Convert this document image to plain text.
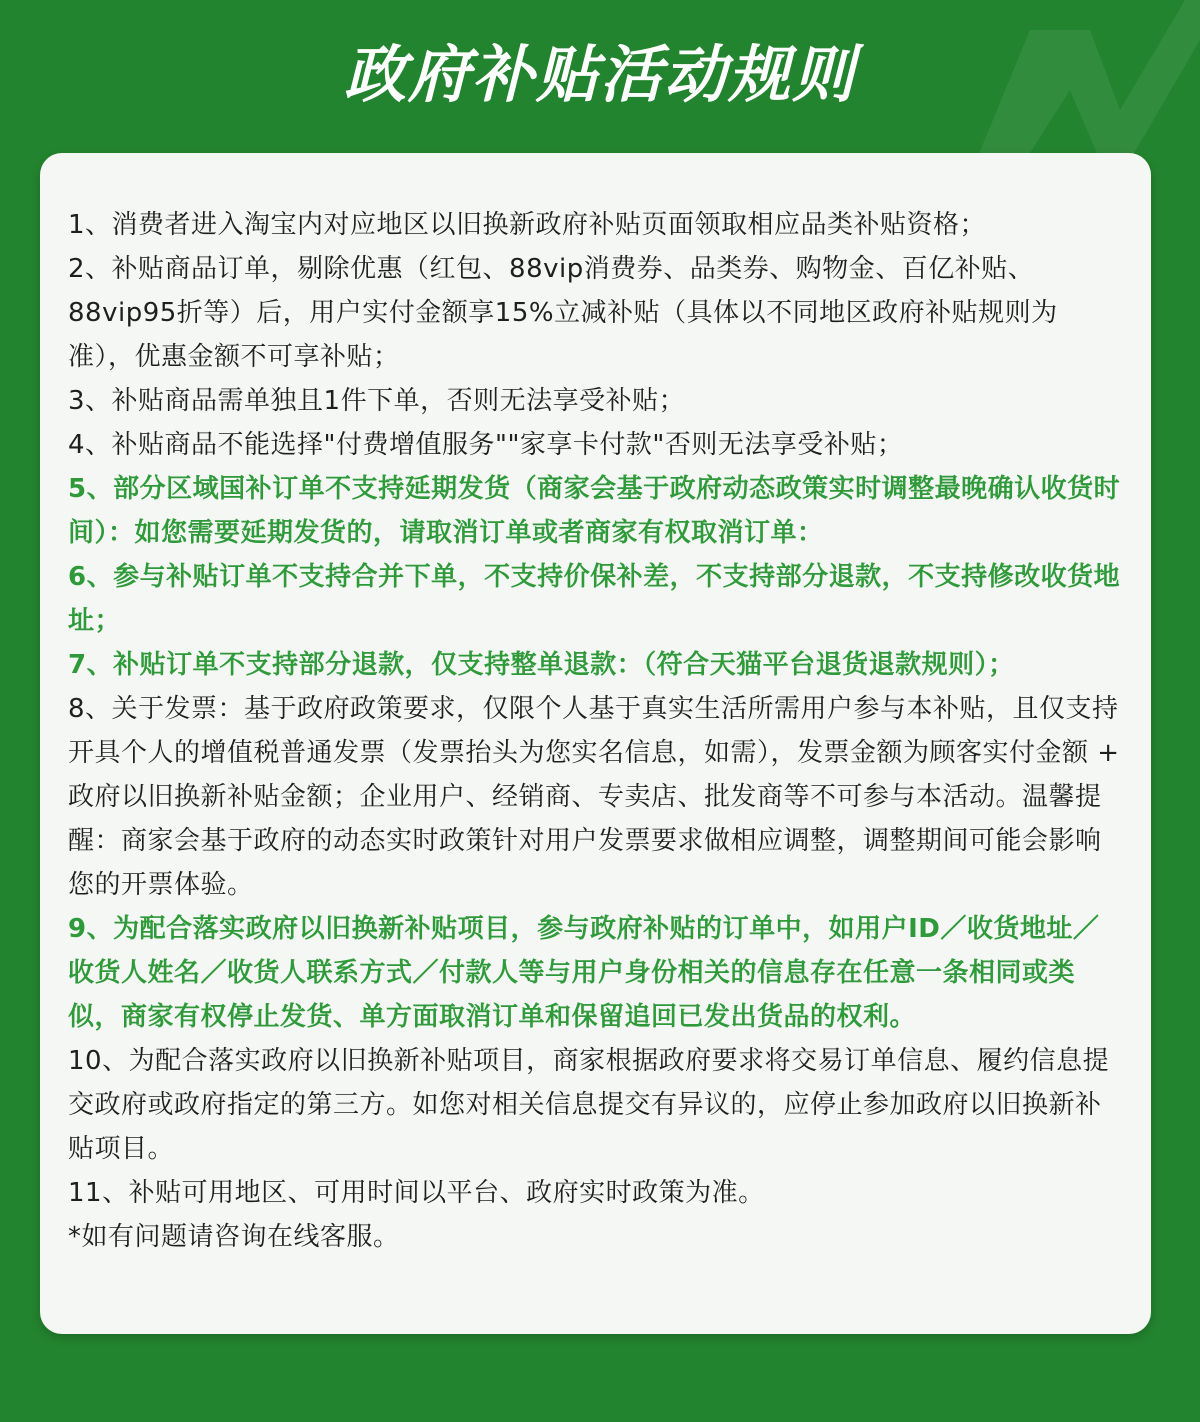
政府补贴活动规则
1、消费者进入淘宝内对应地区以旧换新政府补贴页面领取相应品类补贴资格；
2、补贴商品订单，剔除优惠（红包、88vip消费券、品类券、购物金、百亿补贴、88vip95折等）后，用户实付金额享15%立减补贴（具体以不同地区政府补贴规则为准），优惠金额不可享补贴；
3、补贴商品需单独且1件下单，否则无法享受补贴；
4、补贴商品不能选择"付费增值服务""家享卡付款"否则无法享受补贴；
5、部分区域国补订单不支持延期发货（商家会基于政府动态政策实时调整最晚确认收货时间）：如您需要延期发货的，请取消订单或者商家有权取消订单：
6、参与补贴订单不支持合并下单，不支持价保补差，不支持部分退款，不支持修改收货地址；
7、补贴订单不支持部分退款，仅支持整单退款：（符合天猫平台退货退款规则）；
8、关于发票：基于政府政策要求，仅限个人基于真实生活所需用户参与本补贴，且仅支持开具个人的增值税普通发票（发票抬头为您实名信息，如需），发票金额为顾客实付金额 + 政府以旧换新补贴金额；企业用户、经销商、专卖店、批发商等不可参与本活动。温馨提醒：商家会基于政府的动态实时政策针对用户发票要求做相应调整，调整期间可能会影响您的开票体验。
9、为配合落实政府以旧换新补贴项目，参与政府补贴的订单中，如用户ID／收货地址／收货人姓名／收货人联系方式／付款人等与用户身份相关的信息存在任意一条相同或类似，商家有权停止发货、单方面取消订单和保留追回已发出货品的权利。
10、为配合落实政府以旧换新补贴项目，商家根据政府要求将交易订单信息、履约信息提交政府或政府指定的第三方。如您对相关信息提交有异议的，应停止参加政府以旧换新补贴项目。
11、补贴可用地区、可用时间以平台、政府实时政策为准。
*如有问题请咨询在线客服。
